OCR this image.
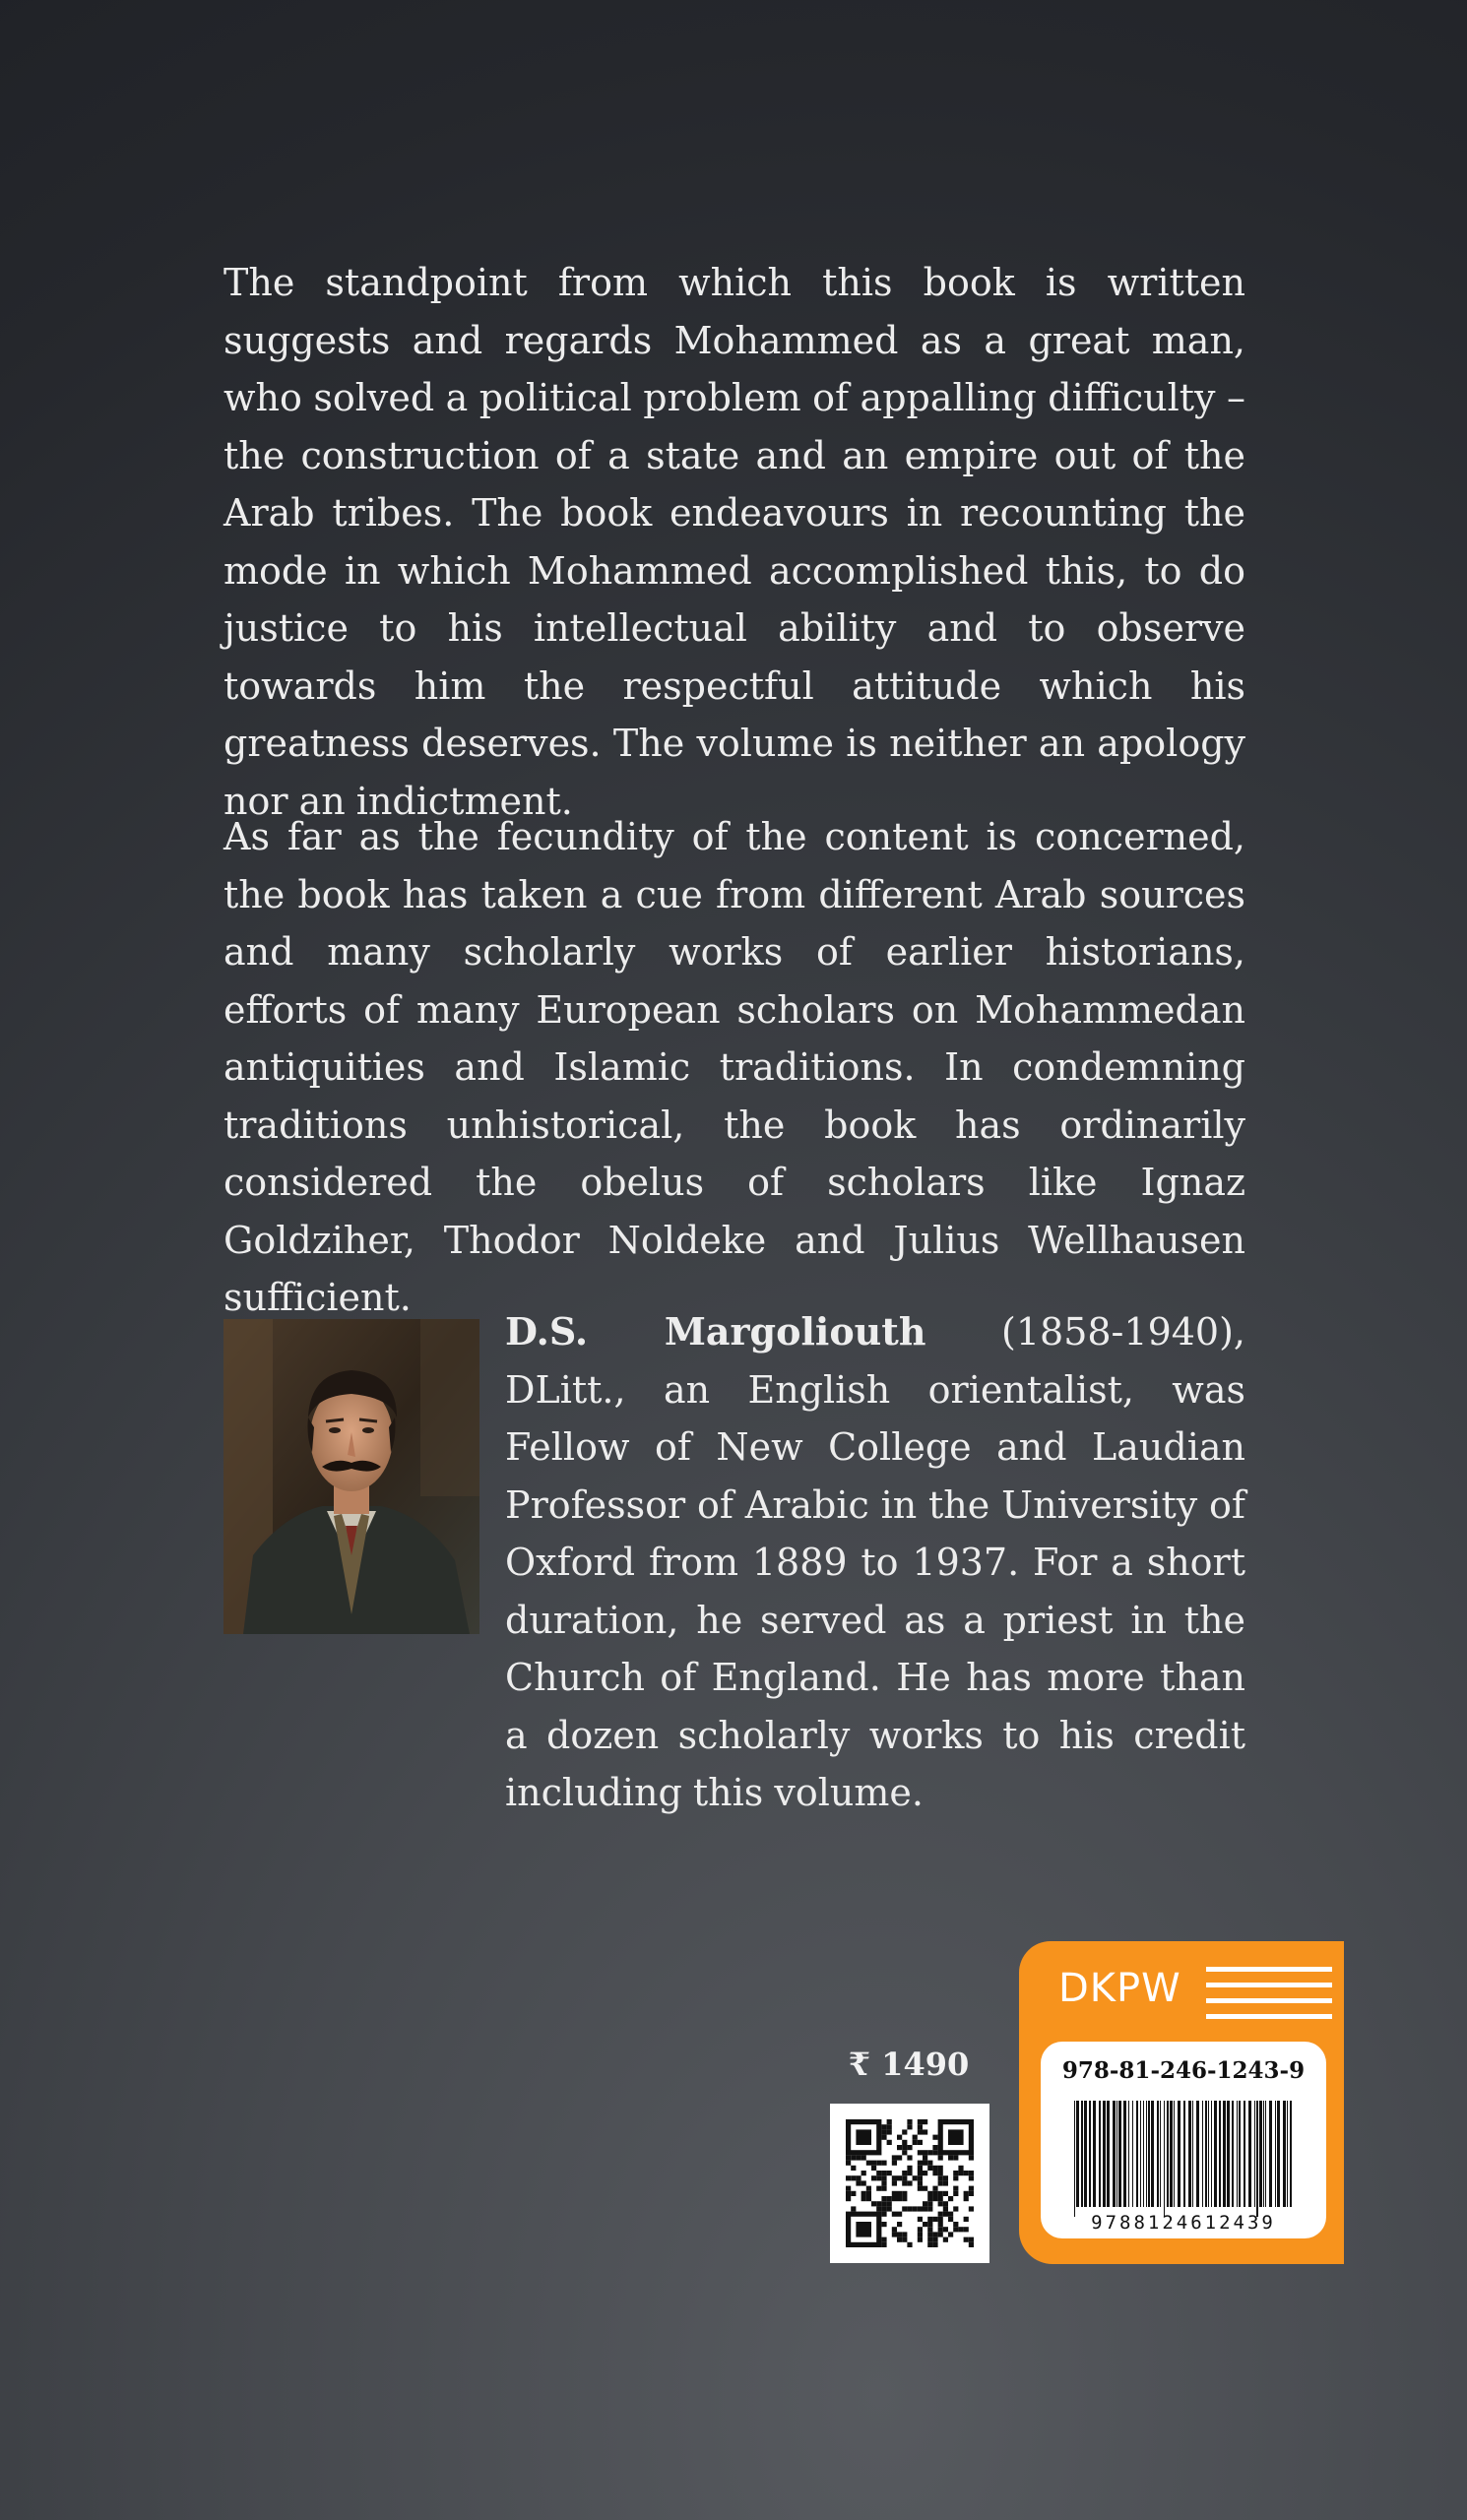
The standpoint from which this book is written suggests and regards Mohammed as a great man, who solved a political problem of appalling difficulty – the construction of a state and an empire out of the Arab tribes. The book endeavours in recounting the mode in which Mohammed accomplished this, to do justice to his intellectual ability and to observe towards him the respectful attitude which his greatness deserves. The volume is neither an apology nor an indictment.

As far as the fecundity of the content is concerned, the book has taken a cue from different Arab sources and many scholarly works of earlier historians, efforts of many European scholars on Mohammedan antiquities and Islamic traditions. In condemning traditions unhistorical, the book has ordinarily considered the obelus of scholars like Ignaz Goldziher, Thodor Noldeke and Julius Wellhausen sufficient.

D.S. Margoliouth (1858-1940), DLitt., an English orientalist, was Fellow of New College and Laudian Professor of Arabic in the University of Oxford from 1889 to 1937. For a short duration, he served as a priest in the Church of England. He has more than a dozen scholarly works to his credit including this volume.

₹ 1490
DKPW
978-81-246-1243-9
9788124612439
